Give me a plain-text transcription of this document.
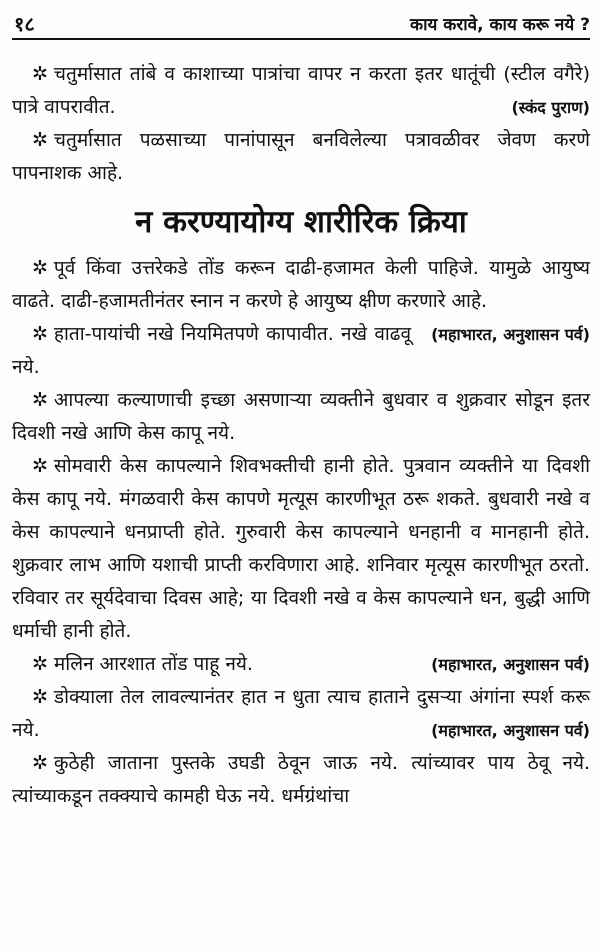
१८	काय करावे, काय करू नये ?

✲ चतुर्मासात तांबे व काशाच्या पात्रांचा वापर न करता इतर धातूंची (स्टील वगैरे) पात्रे वापरावीत.	(स्कंद पुराण)

✲ चतुर्मासात पळसाच्या पानांपासून बनविलेल्या पत्रावळीवर जेवण करणे पापनाशक आहे.

न करण्यायोग्य शारीरिक क्रिया

✲ पूर्व किंवा उत्तरेकडे तोंड करून दाढी-हजामत केली पाहिजे. यामुळे आयुष्य वाढते. दाढी-हजामतीनंतर स्नान न करणे हे आयुष्य क्षीण करणारे आहे.
(महाभारत, अनुशासन पर्व)

✲ हाता-पायांची नखे नियमितपणे कापावीत. नखे वाढवू नये.

✲ आपल्या कल्याणाची इच्छा असणाऱ्या व्यक्तीने बुधवार व शुक्रवार सोडून इतर दिवशी नखे आणि केस कापू नये.

✲ सोमवारी केस कापल्याने शिवभक्तीची हानी होते. पुत्रवान व्यक्तीने या दिवशी केस कापू नये. मंगळवारी केस कापणे मृत्यूस कारणीभूत ठरू शकते. बुधवारी नखे व केस कापल्याने धनप्राप्ती होते. गुरुवारी केस कापल्याने धनहानी व मानहानी होते. शुक्रवार लाभ आणि यशाची प्राप्ती करविणारा आहे. शनिवार मृत्यूस कारणीभूत ठरतो. रविवार तर सूर्यदेवाचा दिवस आहे; या दिवशी नखे व केस कापल्याने धन, बुद्धी आणि धर्माची हानी होते.

✲ मलिन आरशात तोंड पाहू नये.	(महाभारत, अनुशासन पर्व)

✲ डोक्याला तेल लावल्यानंतर हात न धुता त्याच हाताने दुसऱ्या अंगांना स्पर्श करू नये.	(महाभारत, अनुशासन पर्व)

✲ कुठेही जाताना पुस्तके उघडी ठेवून जाऊ नये. त्यांच्यावर पाय ठेवू नये. त्यांच्याकडून तक्क्याचे कामही घेऊ नये. धर्मग्रंथांचा
